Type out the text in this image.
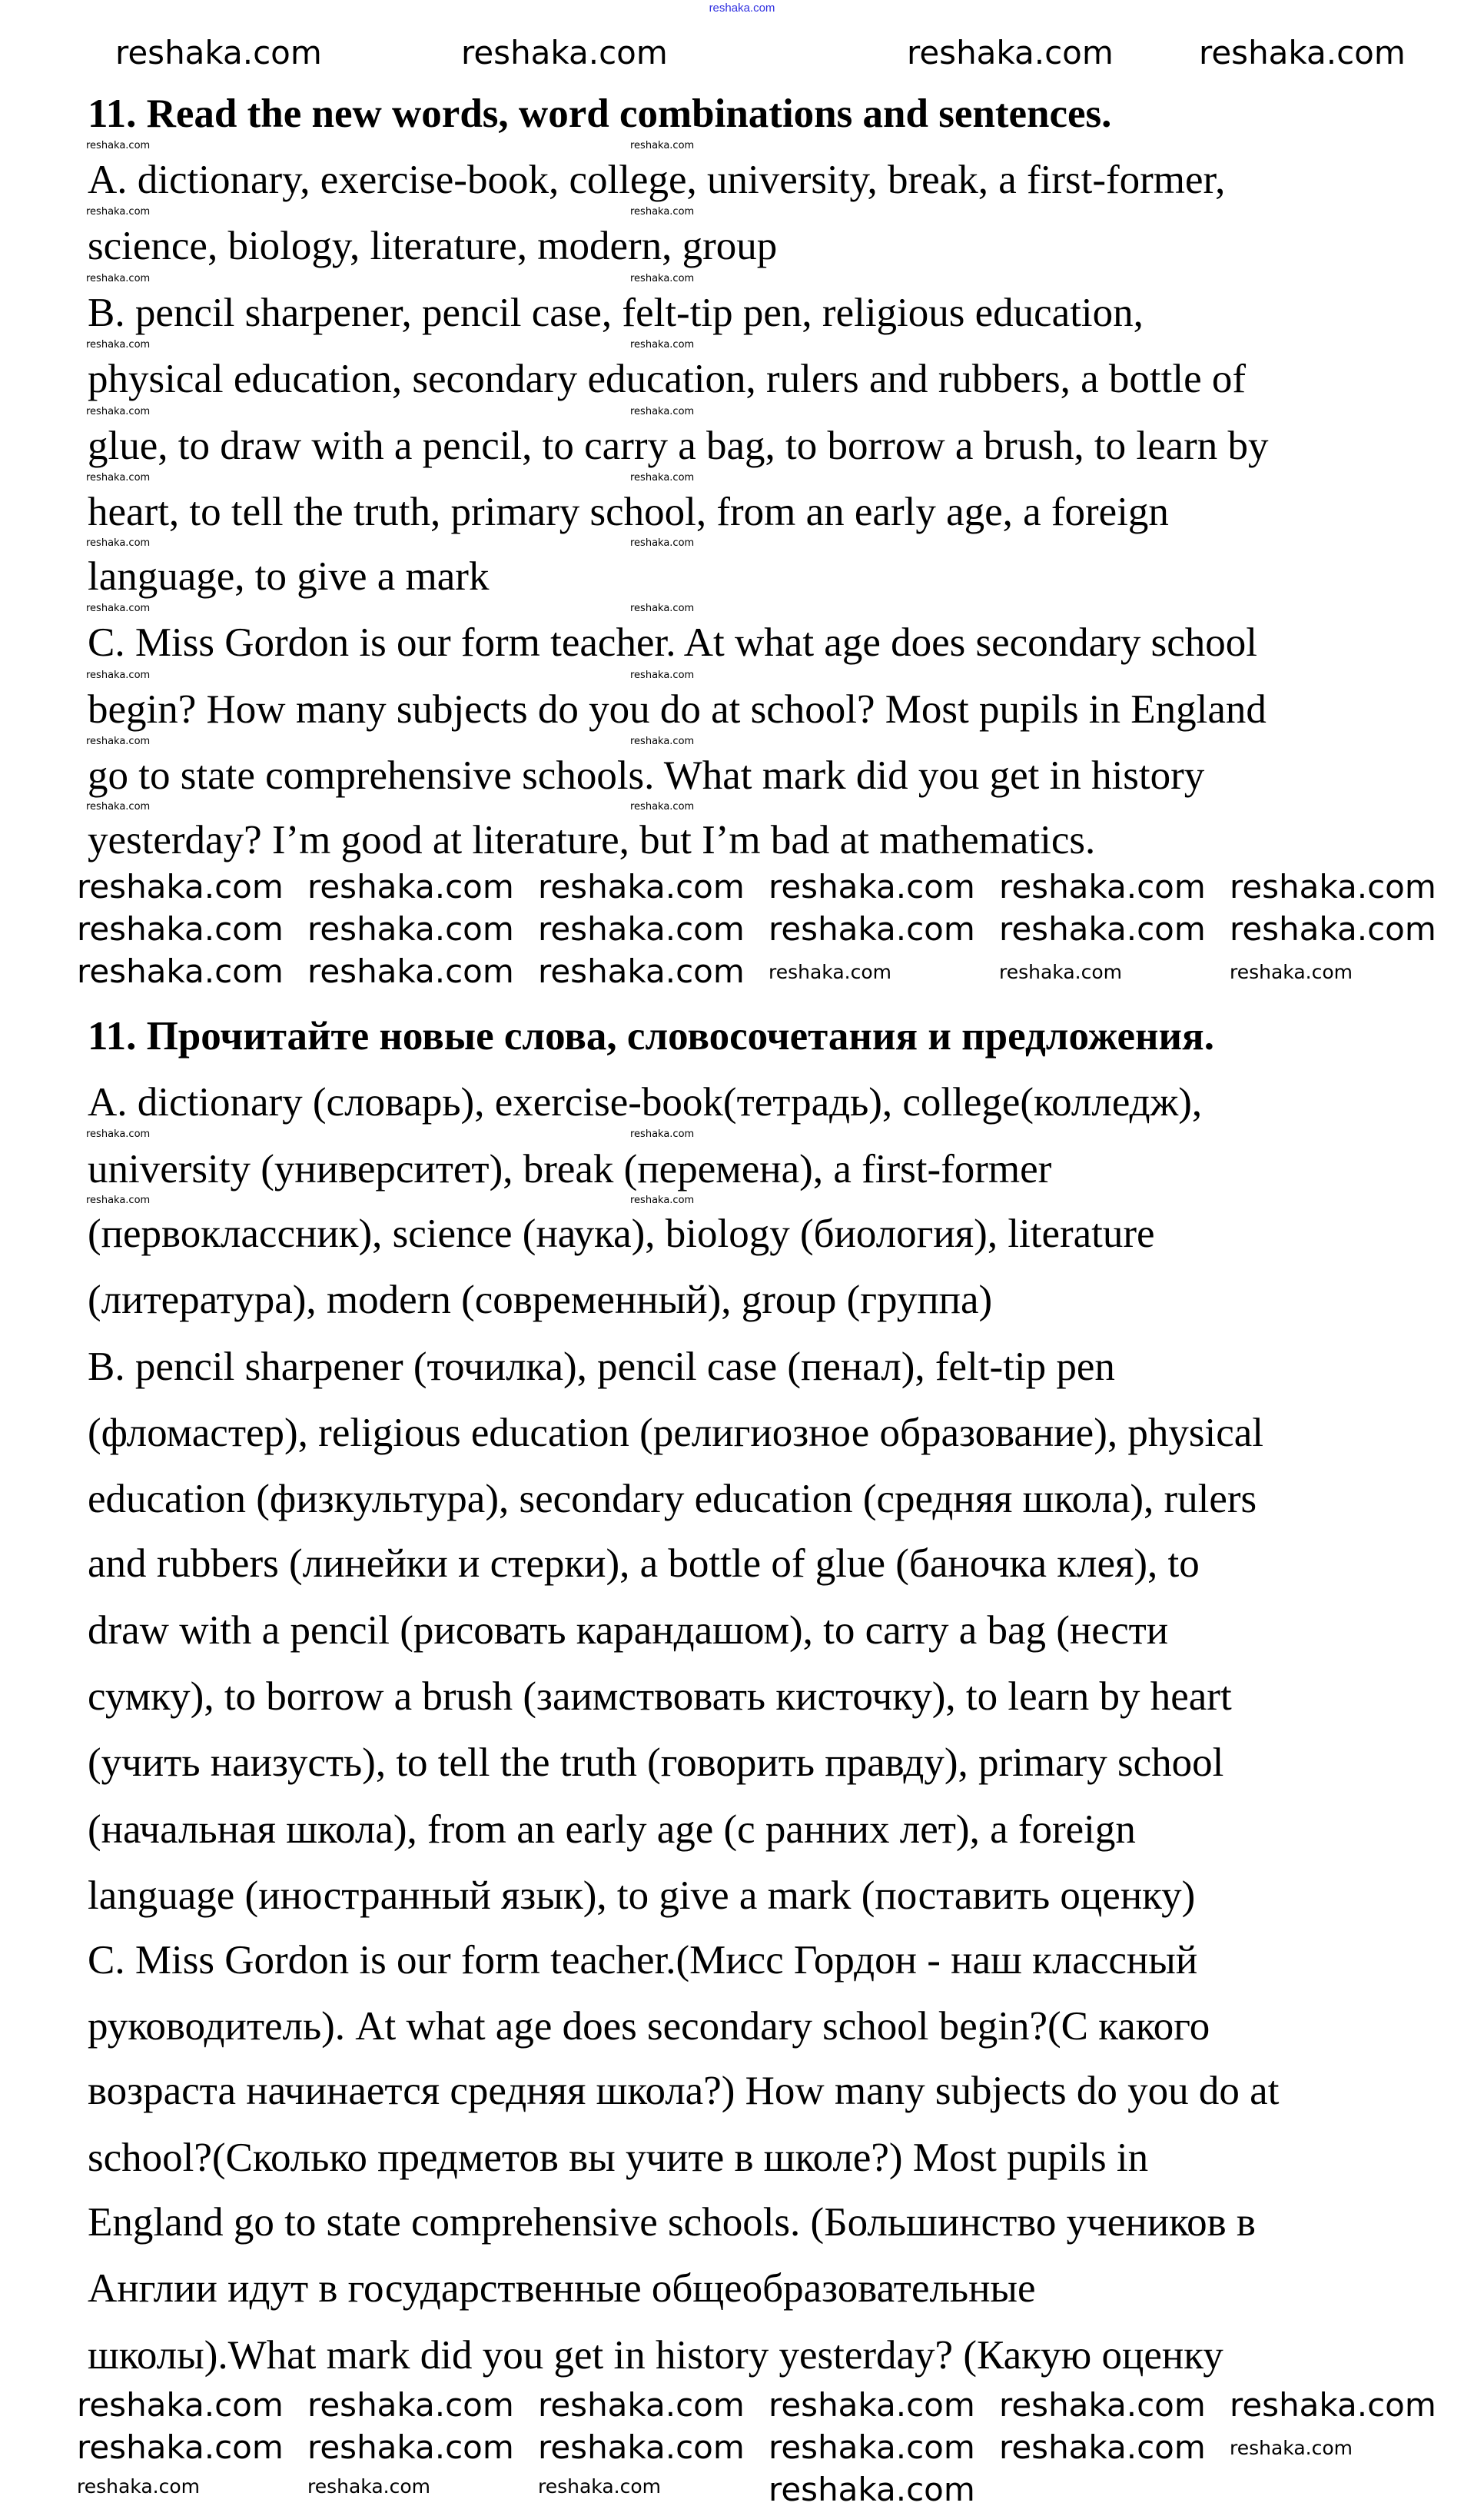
reshaka.com
11. Read the new words, word combinations and sentences.
A. dictionary, exercise-book, college, university, break, a first-former,
science, biology, literature, modern, group
B. pencil sharpener, pencil case, felt-tip pen, religious education,
physical education, secondary education, rulers and rubbers, a bottle of
glue, to draw with a pencil, to carry a bag, to borrow a brush, to learn by
heart, to tell the truth, primary school, from an early age, a foreign
language, to give a mark
C. Miss Gordon is our form teacher. At what age does secondary school
begin? How many subjects do you do at school? Most pupils in England
go to state comprehensive schools. What mark did you get in history
yesterday? I’m good at literature, but I’m bad at mathematics.
11. Прочитайте новые слова, словосочетания и предложения.
A. dictionary (словарь), exercise-book(тетрадь), college(колледж),
university (университет), break (перемена), a first-former
(первоклассник), science (наука), biology (биология), literature
(литература), modern (современный), group (группа)
B. pencil sharpener (точилка), pencil case (пенал), felt-tip pen
(фломастер), religious education (религиозное образование), physical
education (физкультура), secondary education (средняя школа), rulers
and rubbers (линейки и стерки), a bottle of glue (баночка клея), to
draw with a pencil (рисовать карандашом), to carry a bag (нести
сумку), to borrow a brush (заимствовать кисточку), to learn by heart
(учить наизусть), to tell the truth (говорить правду), primary school
(начальная школа), from an early age (с ранних лет), a foreign
language (иностранный язык), to give a mark (поставить оценку)
C. Miss Gordon is our form teacher.(Мисс Гордон - наш классный
руководитель). At what age does secondary school begin?(С какого
возраста начинается средняя школа?) How many subjects do you do at
school?(Сколько предметов вы учите в школе?) Most pupils in
England go to state comprehensive schools. (Большинство учеников в
Англии идут в государственные общеобразовательные
школы).What mark did you get in history yesterday? (Какую оценку
reshaka.com	reshaka.com	reshaka.com	reshaka.com
reshaka.com reshaka.com reshaka.com reshaka.com reshaka.com reshaka.com
reshaka.com reshaka.com reshaka.com reshaka.com reshaka.com reshaka.com
reshaka.com reshaka.com reshaka.com reshaka.com	reshaka.com	reshaka.com
reshaka.com reshaka.com reshaka.com reshaka.com reshaka.com reshaka.com
reshaka.com reshaka.com reshaka.com reshaka.com reshaka.com reshaka.com
reshaka.com	reshaka.com	reshaka.com	reshaka.com
reshaka.com	reshaka.com
reshaka.com	reshaka.com
reshaka.com	reshaka.com
reshaka.com	reshaka.com
reshaka.com	reshaka.com
reshaka.com	reshaka.com
reshaka.com	reshaka.com
reshaka.com	reshaka.com
reshaka.com	reshaka.com
reshaka.com	reshaka.com
reshaka.com	reshaka.com
reshaka.com	reshaka.com
reshaka.com	reshaka.com
